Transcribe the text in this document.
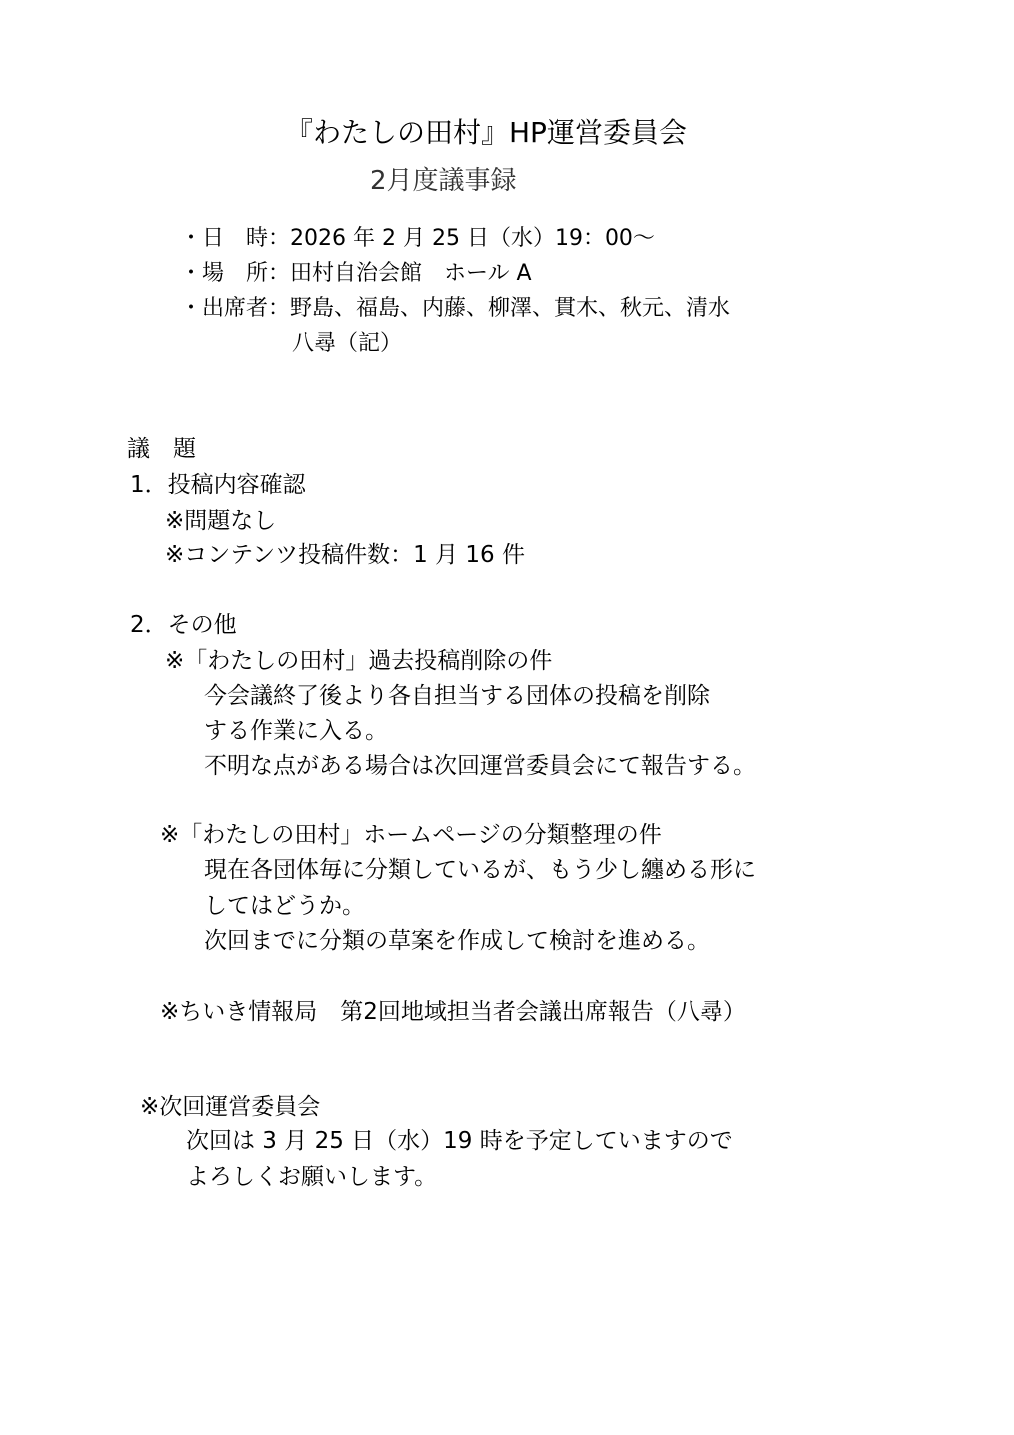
『わたしの田村』HP運営委員会
2月度議事録
・日　時：2026 年 2 月 25 日（水）19：00～
・場　所：田村自治会館　ホール A
・出席者：野島、福島、内藤、柳澤、貫木、秋元、清水
八尋（記）
議　題
1．投稿内容確認
※問題なし
※コンテンツ投稿件数：1 月 16 件
2．その他
※「わたしの田村」過去投稿削除の件
今会議終了後より各自担当する団体の投稿を削除
する作業に入る。
不明な点がある場合は次回運営委員会にて報告する。
※「わたしの田村」ホームページの分類整理の件
現在各団体毎に分類しているが、もう少し纏める形に
してはどうか。
次回までに分類の草案を作成して検討を進める。
※ちいき情報局　第2回地域担当者会議出席報告（八尋）
※次回運営委員会
次回は 3 月 25 日（水）19 時を予定していますので
よろしくお願いします。
